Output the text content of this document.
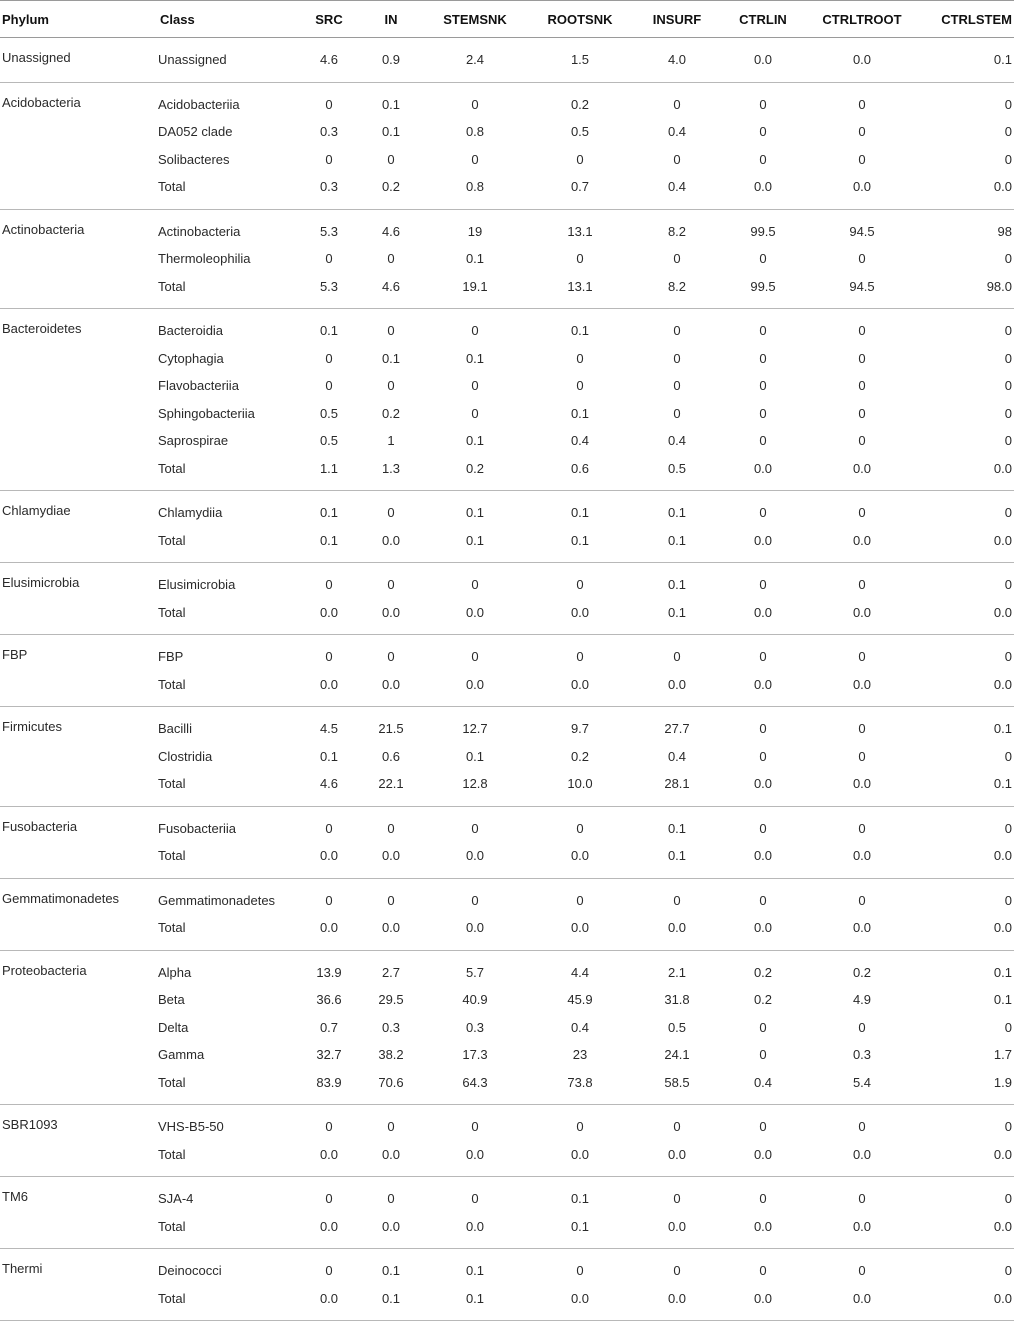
Phylum	Class	SRC	IN	STEMSNK	ROOTSNK	INSURF	CTRLIN	CTRLTROOT	CTRLSTEM
Unassigned	Unassigned	4.6	0.9	2.4	1.5	4.0	0.0	0.0	0.1
Acidobacteria	Acidobacteriia	0	0.1	0	0.2	0	0	0	0
	DA052 clade	0.3	0.1	0.8	0.5	0.4	0	0	0
	Solibacteres	0	0	0	0	0	0	0	0
	Total	0.3	0.2	0.8	0.7	0.4	0.0	0.0	0.0
Actinobacteria	Actinobacteria	5.3	4.6	19	13.1	8.2	99.5	94.5	98
	Thermoleophilia	0	0	0.1	0	0	0	0	0
	Total	5.3	4.6	19.1	13.1	8.2	99.5	94.5	98.0
Bacteroidetes	Bacteroidia	0.1	0	0	0.1	0	0	0	0
	Cytophagia	0	0.1	0.1	0	0	0	0	0
	Flavobacteriia	0	0	0	0	0	0	0	0
	Sphingobacteriia	0.5	0.2	0	0.1	0	0	0	0
	Saprospirae	0.5	1	0.1	0.4	0.4	0	0	0
	Total	1.1	1.3	0.2	0.6	0.5	0.0	0.0	0.0
Chlamydiae	Chlamydiia	0.1	0	0.1	0.1	0.1	0	0	0
	Total	0.1	0.0	0.1	0.1	0.1	0.0	0.0	0.0
Elusimicrobia	Elusimicrobia	0	0	0	0	0.1	0	0	0
	Total	0.0	0.0	0.0	0.0	0.1	0.0	0.0	0.0
FBP	FBP	0	0	0	0	0	0	0	0
	Total	0.0	0.0	0.0	0.0	0.0	0.0	0.0	0.0
Firmicutes	Bacilli	4.5	21.5	12.7	9.7	27.7	0	0	0.1
	Clostridia	0.1	0.6	0.1	0.2	0.4	0	0	0
	Total	4.6	22.1	12.8	10.0	28.1	0.0	0.0	0.1
Fusobacteria	Fusobacteriia	0	0	0	0	0.1	0	0	0
	Total	0.0	0.0	0.0	0.0	0.1	0.0	0.0	0.0
Gemmatimonadetes	Gemmatimonadetes	0	0	0	0	0	0	0	0
	Total	0.0	0.0	0.0	0.0	0.0	0.0	0.0	0.0
Proteobacteria	Alpha	13.9	2.7	5.7	4.4	2.1	0.2	0.2	0.1
	Beta	36.6	29.5	40.9	45.9	31.8	0.2	4.9	0.1
	Delta	0.7	0.3	0.3	0.4	0.5	0	0	0
	Gamma	32.7	38.2	17.3	23	24.1	0	0.3	1.7
	Total	83.9	70.6	64.3	73.8	58.5	0.4	5.4	1.9
SBR1093	VHS-B5-50	0	0	0	0	0	0	0	0
	Total	0.0	0.0	0.0	0.0	0.0	0.0	0.0	0.0
TM6	SJA-4	0	0	0	0.1	0	0	0	0
	Total	0.0	0.0	0.0	0.1	0.0	0.0	0.0	0.0
Thermi	Deinococci	0	0.1	0.1	0	0	0	0	0
	Total	0.0	0.1	0.1	0.0	0.0	0.0	0.0	0.0
